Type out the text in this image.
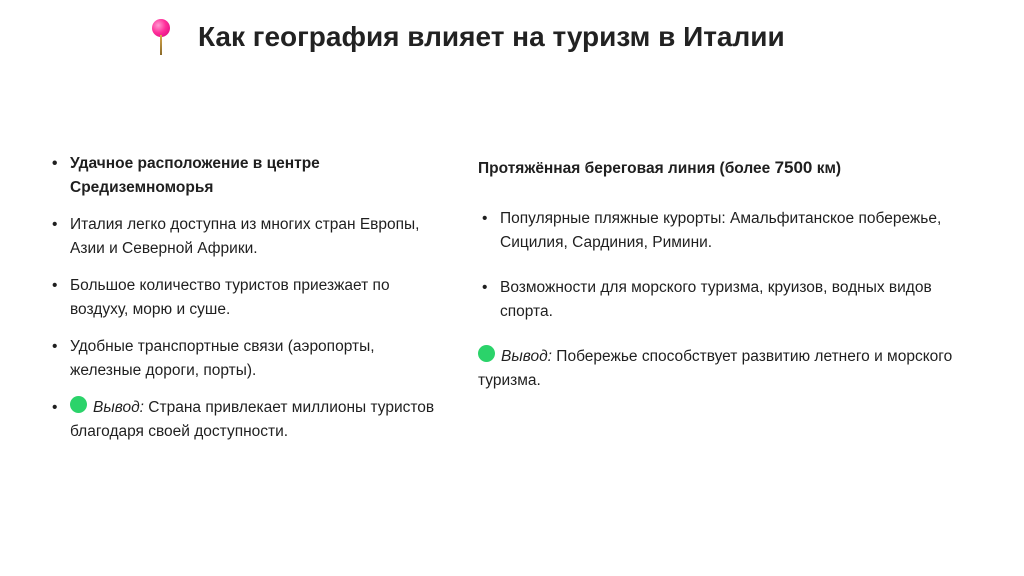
Как география влияет на туризм в Италии
• Удачное расположение в центре Средиземноморья
• Италия легко доступна из многих стран Европы, Азии и Северной Африки.
• Большое количество туристов приезжает по воздуху, морю и суше.
• Удобные транспортные связи (аэропорты, железные дороги, порты).
• Вывод: Страна привлекает миллионы туристов благодаря своей доступности.
Протяжённая береговая линия (более 7500 км)
• Популярные пляжные курорты: Амальфитанское побережье, Сицилия, Сардиния, Римини.
• Возможности для морского туризма, круизов, водных видов спорта.
Вывод: Побережье способствует развитию летнего и морского туризма.
